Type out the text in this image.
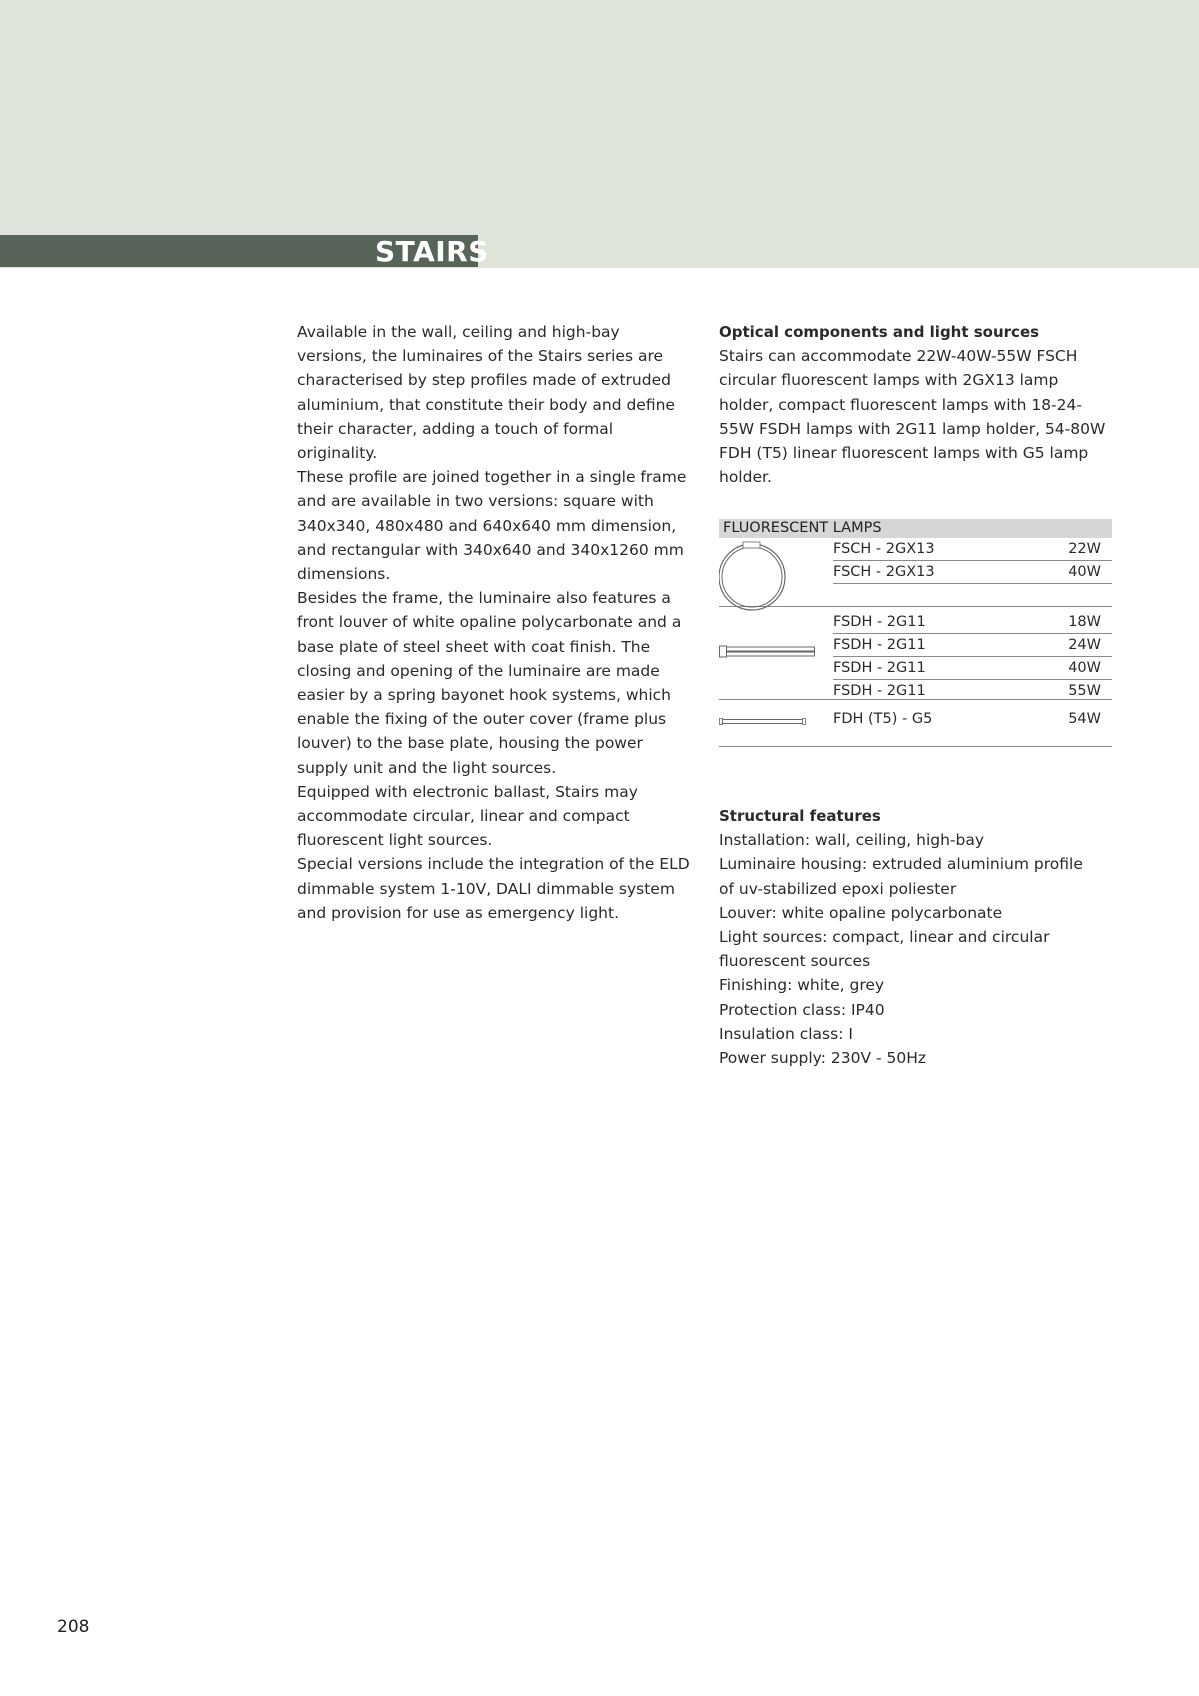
STAIRS

Available in the wall, ceiling and high-bay versions, the luminaires of the Stairs series are characterised by step profiles made of extruded aluminium, that constitute their body and define their character, adding a touch of formal originality.

These profile are joined together in a single frame and are available in two versions: square with 340x340, 480x480 and 640x640 mm dimension, and rectangular with 340x640 and 340x1260 mm dimensions.

Besides the frame, the luminaire also features a front louver of white opaline polycarbonate and a base plate of steel sheet with coat finish. The closing and opening of the luminaire are made easier by a spring bayonet hook systems, which enable the fixing of the outer cover (frame plus louver) to the base plate, housing the power supply unit and the light sources.

Equipped with electronic ballast, Stairs may accommodate circular, linear and compact fluorescent light sources.

Special versions include the integration of the ELD dimmable system 1-10V, DALI dimmable system and provision for use as emergency light.

Optical components and light sources

Stairs can accommodate 22W-40W-55W FSCH circular fluorescent lamps with 2GX13 lamp holder, compact fluorescent lamps with 18-24-55W FSDH lamps with 2G11 lamp holder, 54-80W FDH (T5) linear fluorescent lamps with G5 lamp holder.

FLUORESCENT LAMPS
FSCH - 2GX13	22W
FSCH - 2GX13	40W
FSDH - 2G11	18W
FSDH - 2G11	24W
FSDH - 2G11	40W
FSDH - 2G11	55W
FDH (T5) - G5	54W

Structural features

Installation: wall, ceiling, high-bay

Luminaire housing: extruded aluminium profile

of uv-stabilized epoxi poliester

Louver: white opaline polycarbonate

Light sources: compact, linear and circular fluorescent sources

Finishing: white, grey

Protection class: IP40

Insulation class: I

Power supply: 230V - 50Hz

208
